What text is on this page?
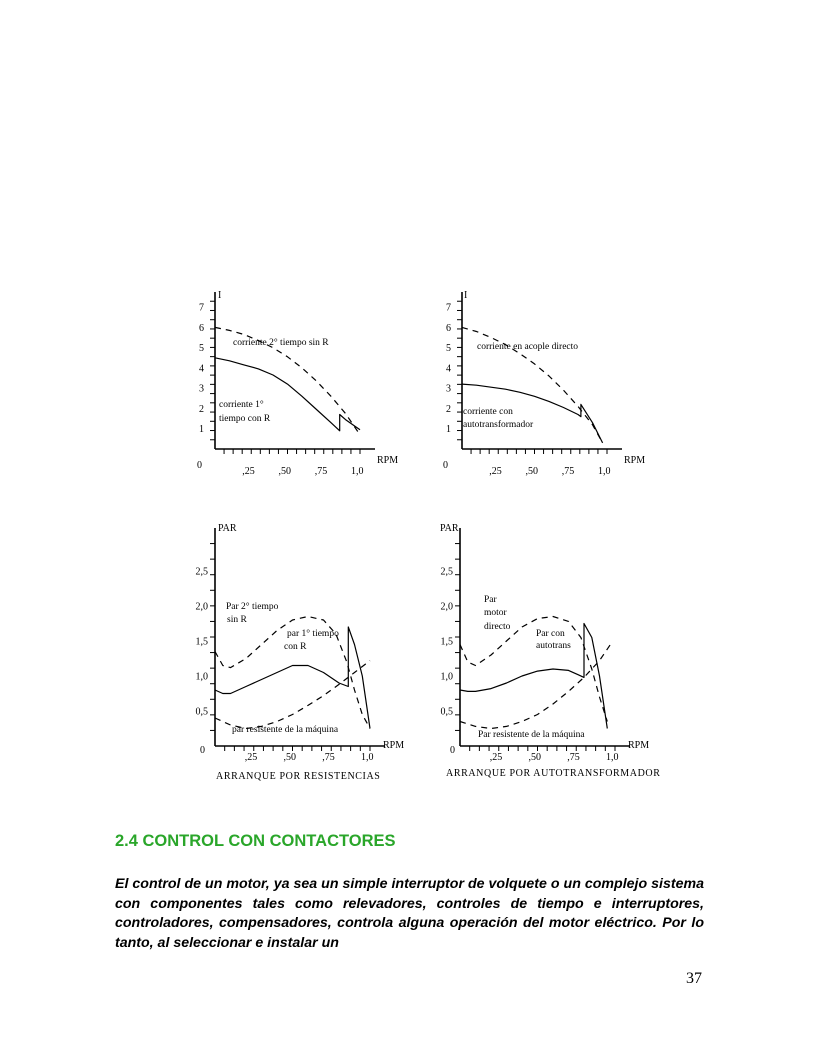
I
RPM
0
,25 ,50 ,75 1,0
1
2
3
4
5
6
7
corriente 2° tiempo sin R
corriente 1°
tiempo con R
I
RPM
0
,25 ,50 ,75 1,0
1
2
3
4
5
6
7
corriente en acople directo
corriente con
autotransformador
PAR
RPM
0
,25	,50	,75	1,0
0,5
1,0
1,5
2,0
2,5
Par 2° tiempo
sin R
par 1° tiempo
con R
par resistente de la máquina
ARRANQUE POR RESISTENCIAS
PAR
RPM
0
,25	,50	,75	1,0
0,5
1,0
1,5
2,0
2,5
Par
motor
directo
Par con
autotrans
Par resistente de la máquina
ARRANQUE POR AUTOTRANSFORMADOR
2.4 CONTROL CON CONTACTORES

El control de un motor, ya sea un simple interruptor de volquete o un complejo sistema con componentes tales como relevadores, controles de tiempo e interruptores, controladores, compensadores, controla alguna operación del motor eléctrico. Por lo tanto, al seleccionar e instalar un

37
